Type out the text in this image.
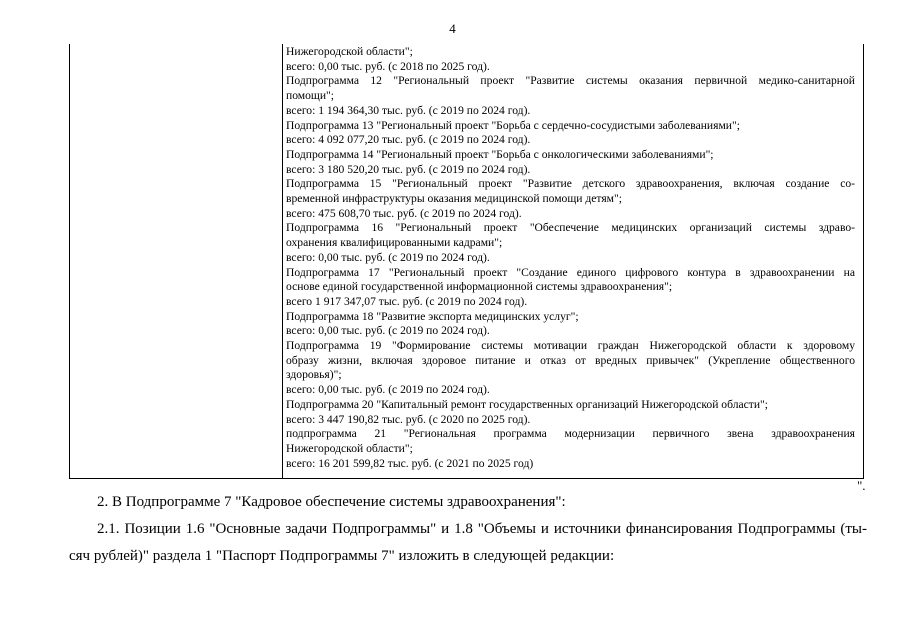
4
Нижегородской области";
всего: 0,00 тыс. руб. (с 2018 по 2025 год).
Подпрограмма 12 "Региональный проект "Развитие системы оказания первичной медико-санитарной
помощи";
всего: 1 194 364,30 тыс. руб. (с 2019 по 2024 год).
Подпрограмма 13 "Региональный проект "Борьба с сердечно-сосудистыми заболеваниями";
всего: 4 092 077,20 тыс. руб. (с 2019 по 2024 год).
Подпрограмма 14 "Региональный проект "Борьба с онкологическими заболеваниями";
всего: 3 180 520,20 тыс. руб. (с 2019 по 2024 год).
Подпрограмма 15 "Региональный проект "Развитие детского здравоохранения, включая создание со-
временной инфраструктуры оказания медицинской помощи детям";
всего: 475 608,70 тыс. руб. (с 2019 по 2024 год).
Подпрограмма 16 "Региональный проект "Обеспечение медицинских организаций системы здраво-
охранения квалифицированными кадрами";
всего: 0,00 тыс. руб. (с 2019 по 2024 год).
Подпрограмма 17 "Региональный проект "Создание единого цифрового контура в здравоохранении на
основе единой государственной информационной системы здравоохранения";
всего 1 917 347,07 тыс. руб. (с 2019 по 2024 год).
Подпрограмма 18 "Развитие экспорта медицинских услуг";
всего: 0,00 тыс. руб. (с 2019 по 2024 год).
Подпрограмма 19 "Формирование системы мотивации граждан Нижегородской области к здоровому
образу жизни, включая здоровое питание и отказ от вредных привычек" (Укрепление общественного
здоровья)";
всего: 0,00 тыс. руб. (с 2019 по 2024 год).
Подпрограмма 20 "Капитальный ремонт государственных организаций Нижегородской области";
всего: 3 447 190,82 тыс. руб. (с 2020 по 2025 год).
подпрограмма 21 "Региональная программа модернизации первичного звена здравоохранения
Нижегородской области";
всего: 16 201 599,82 тыс. руб. (с 2021 по 2025 год)
".
2. В Подпрограмме 7 "Кадровое обеспечение системы здравоохранения":
2.1. Позиции 1.6 "Основные задачи Подпрограммы" и 1.8 "Объемы и источники финансирования Подпрограммы (ты-
сяч рублей)" раздела 1 "Паспорт Подпрограммы 7" изложить в следующей редакции:
